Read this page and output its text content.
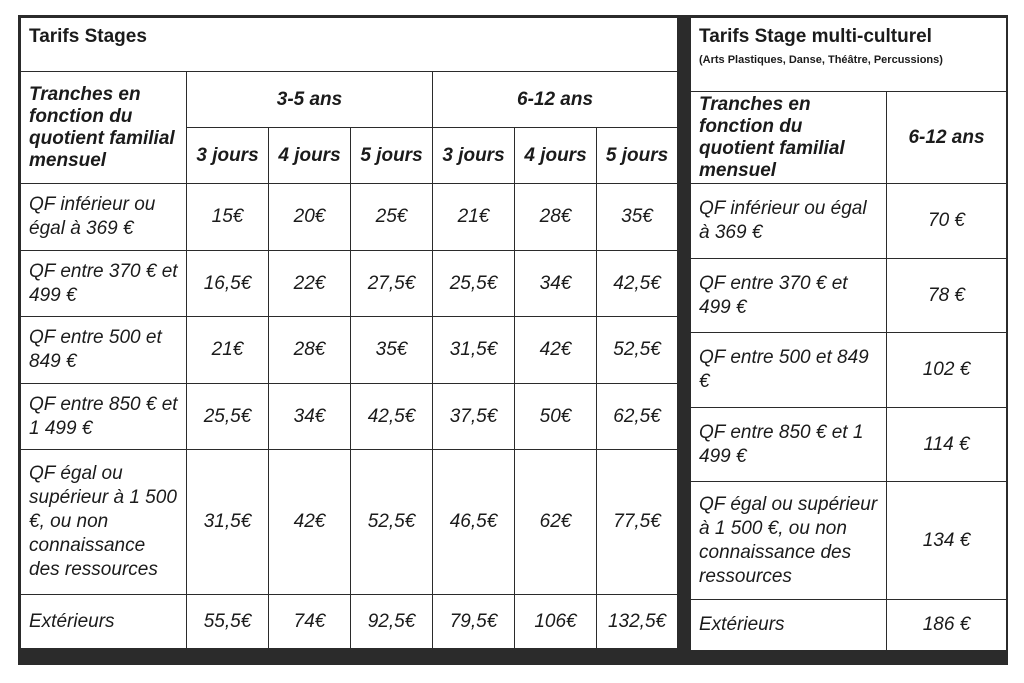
Tarifs Stages						
Tranches en fonction du quotient familial mensuel	3-5 ans			6-12 ans		
	3 jours	4 jours	5 jours	3 jours	4 jours	5 jours
QF inférieur ou égal à 369 €	15€	20€	25€	21€	28€	35€
QF entre 370 € et 499 €	16,5€	22€	27,5€	25,5€	34€	42,5€
QF entre 500 et 849 €	21€	28€	35€	31,5€	42€	52,5€
QF entre 850 € et 1 499 €	25,5€	34€	42,5€	37,5€	50€	62,5€
QF égal ou supérieur à 1 500 €, ou non connaissance des ressources	31,5€	42€	52,5€	46,5€	62€	77,5€
Extérieurs	55,5€	74€	92,5€	79,5€	106€	132,5€
Tarifs Stage multi-culturel
(Arts Plastiques, Danse, Théâtre, Percussions)	

Tranches en fonction du quotient familial mensuel	6-12 ans
QF inférieur ou égal à 369 €	70 €
QF entre 370 € et 499 €	78 €
QF entre 500 et 849 €	102 €
QF entre 850 € et 1 499 €	114 €
QF égal ou supérieur à 1 500 €, ou non connaissance des ressources	134 €
Extérieurs	186 €
